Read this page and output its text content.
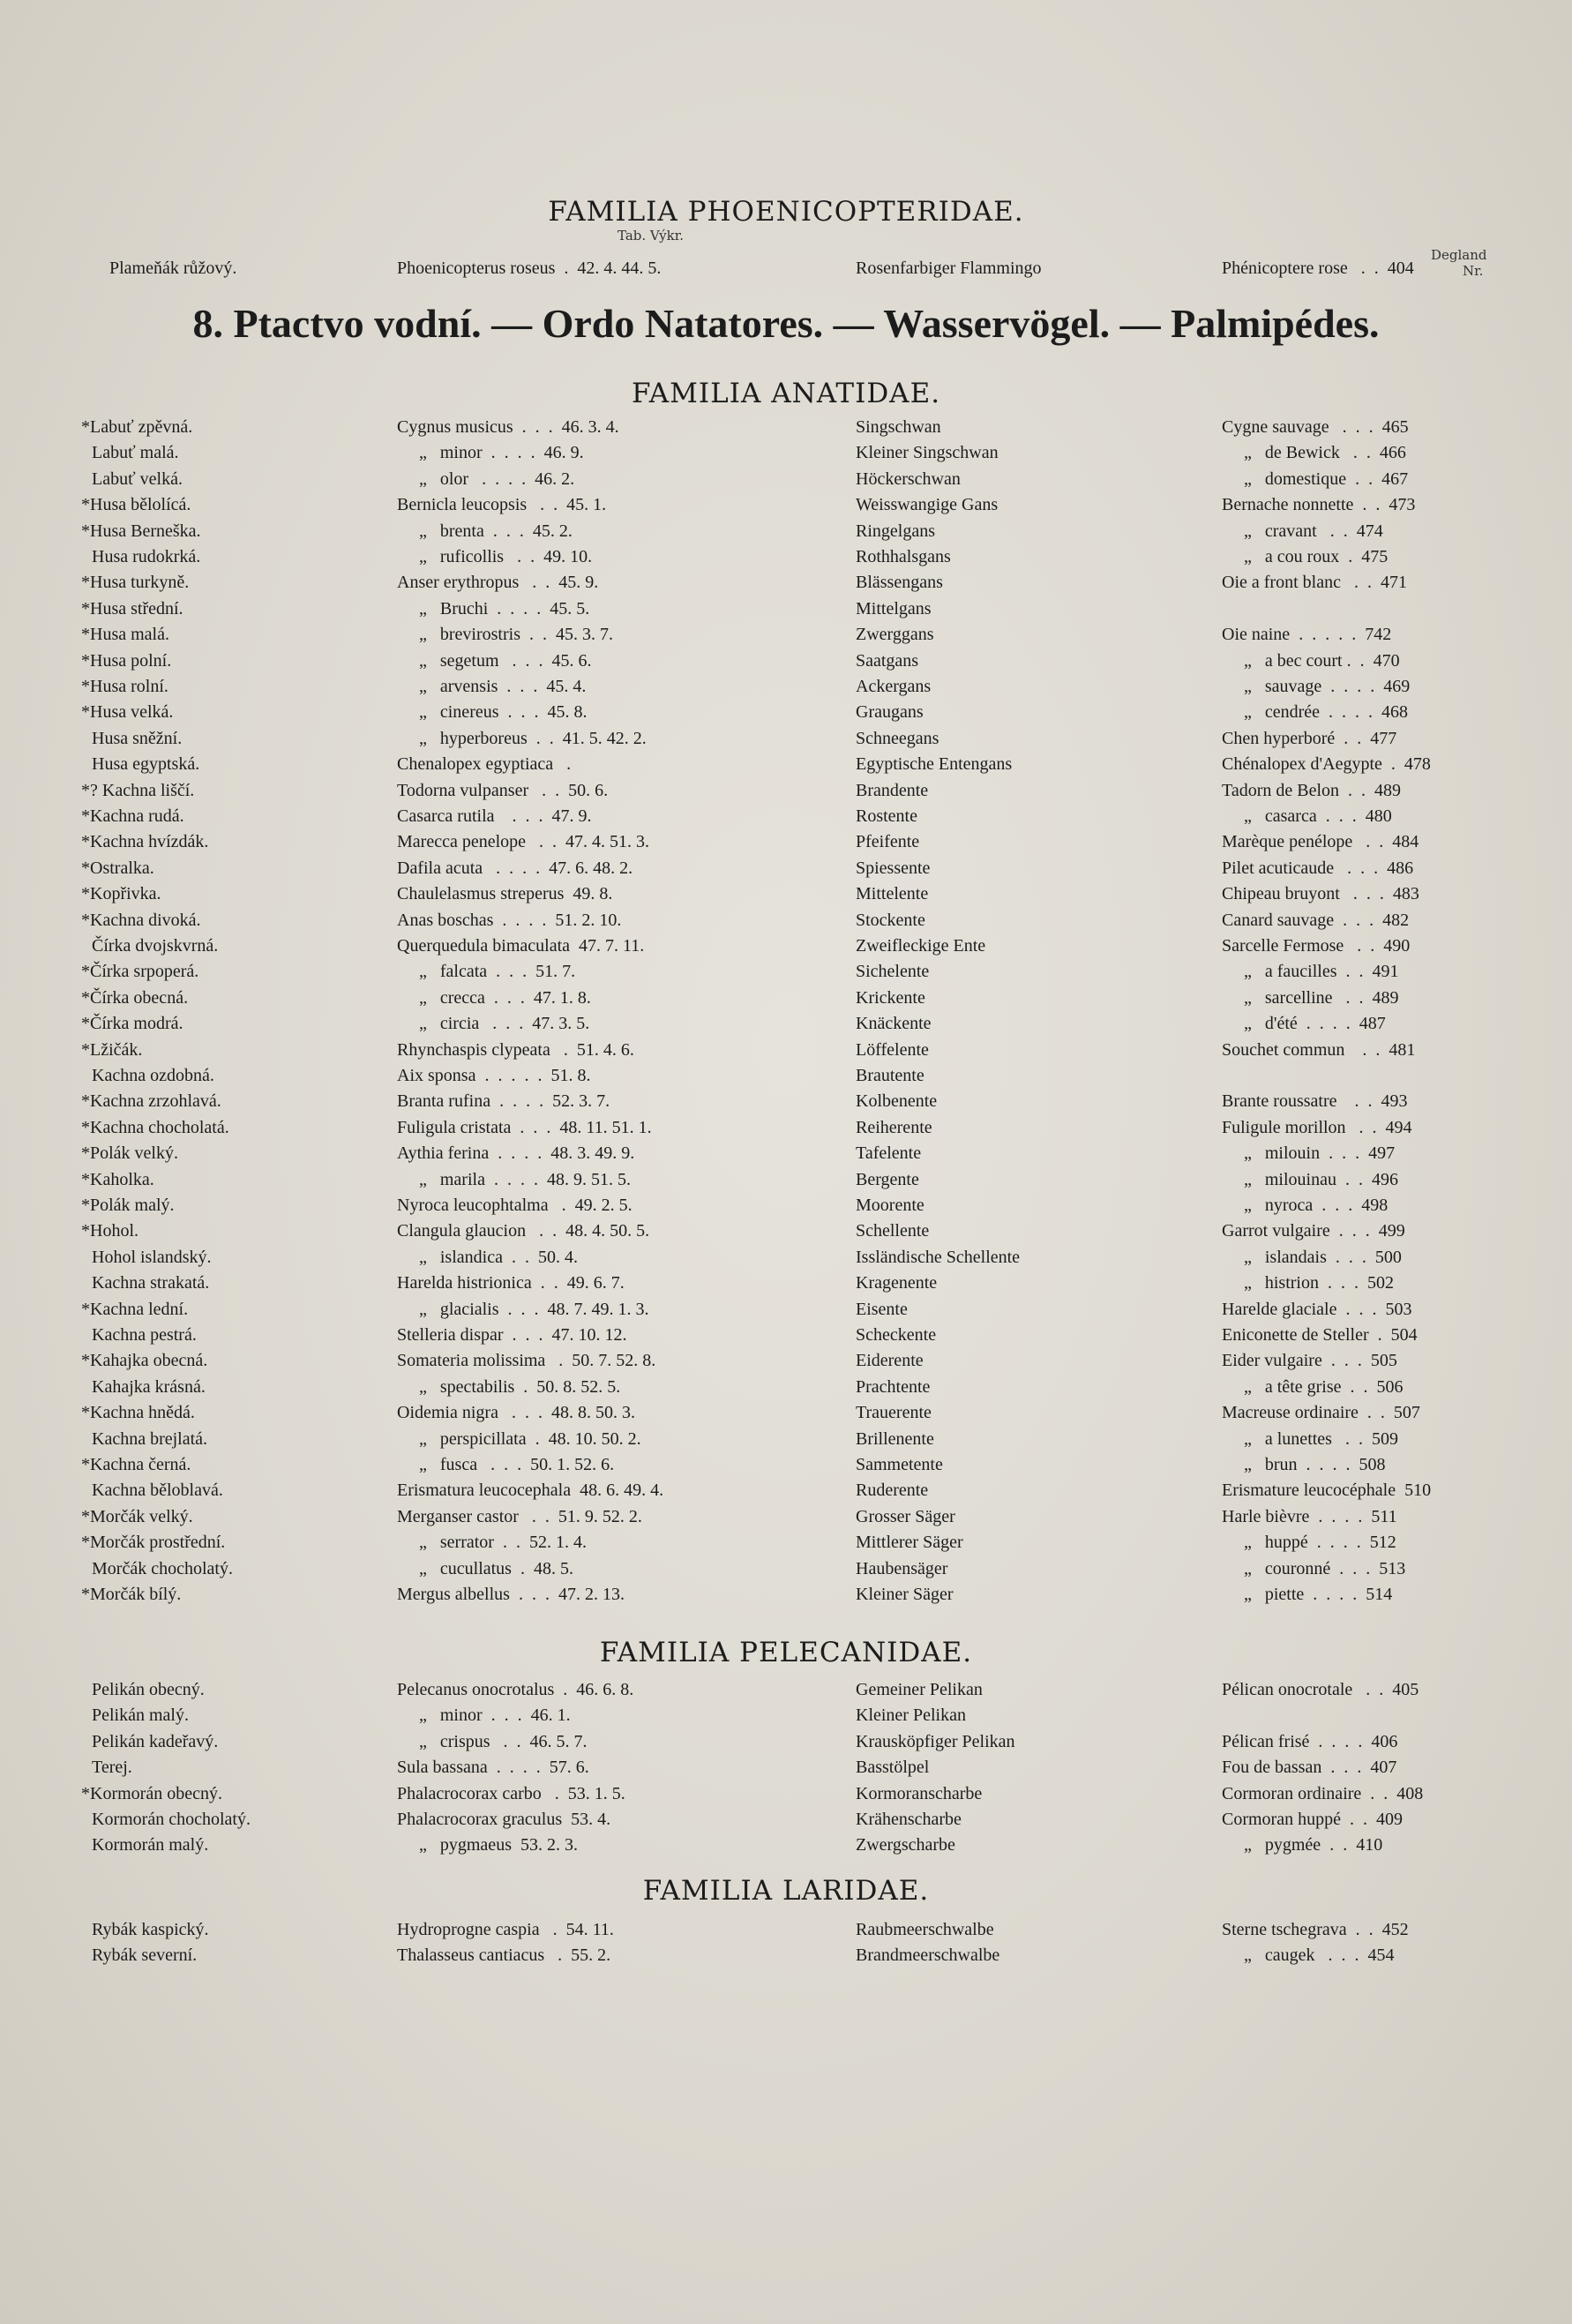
FAMILIA PHOENICOPTERIDAE.
Tab. Výkr.
Degland
Nr.
Plameňák růžový.	Phoenicopterus roseus  .  42. 4. 44. 5.	Rosenfarbiger Flammingo	Phénicoptere rose   .  .  404
8. Ptactvo vodní. — Ordo Natatores. — Wasservögel. — Palmipédes.
FAMILIA ANATIDAE.
*Labuť zpěvná.	Cygnus musicus  .  .  .  46. 3. 4.	Singschwan	Cygne sauvage   .  .  .  465
Labuť malá.	„   minor  .  .  .  .  46. 9.	Kleiner Singschwan	„   de Bewick   .  .  466
Labuť velká.	„   olor   .  .  .  .  46. 2.	Höckerschwan	„   domestique  .  .  467
*Husa bělolícá.	Bernicla leucopsis   .  .  45. 1.	Weisswangige Gans	Bernache nonnette  .  .  473
*Husa Berneška.	„   brenta  .  .  .  45. 2.	Ringelgans	„   cravant   .  .  474
Husa rudokrká.	„   ruficollis   .  .  49. 10.	Rothhalsgans	„   a cou roux  .  475
*Husa turkyně.	Anser erythropus   .  .  45. 9.	Blässengans	Oie a front blanc   .  .  471
*Husa střední.	„   Bruchi  .  .  .  .  45. 5.	Mittelgans
*Husa malá.	„   brevirostris  .  .  45. 3. 7.	Zwerggans	Oie naine  .  .  .  .  .  742
*Husa polní.	„   segetum   .  .  .  45. 6.	Saatgans	„   a bec court .  .  470
*Husa rolní.	„   arvensis  .  .  .  45. 4.	Ackergans	„   sauvage  .  .  .  .  469
*Husa velká.	„   cinereus  .  .  .  45. 8.	Graugans	„   cendrée  .  .  .  .  468
Husa sněžní.	„   hyperboreus  .  .  41. 5. 42. 2.	Schneegans	Chen hyperboré  .  .  477
Husa egyptská.	Chenalopex egyptiaca   .	Egyptische Entengans	Chénalopex d'Aegypte  .  478
*? Kachna liščí.	Todorna vulpanser   .  .  50. 6.	Brandente	Tadorn de Belon  .  .  489
*Kachna rudá.	Casarca rutila    .  .  .  47. 9.	Rostente	„   casarca  .  .  .  480
*Kachna hvízdák.	Marecca penelope   .  .  47. 4. 51. 3.	Pfeifente	Marèque penélope   .  .  484
*Ostralka.	Dafila acuta   .  .  .  .  47. 6. 48. 2.	Spiessente	Pilet acuticaude   .  .  .  486
*Kopřivka.	Chaulelasmus streperus  49. 8.	Mittelente	Chipeau bruyont   .  .  .  483
*Kachna divoká.	Anas boschas  .  .  .  .  51. 2. 10.	Stockente	Canard sauvage  .  .  .  482
Čírka dvojskvrná.	Querquedula bimaculata  47. 7. 11.	Zweifleckige Ente	Sarcelle Fermose   .  .  490
*Čírka srpoperá.	„   falcata  .  .  .  51. 7.	Sichelente	„   a faucilles  .  .  491
*Čírka obecná.	„   crecca  .  .  .  47. 1. 8.	Krickente	„   sarcelline   .  .  489
*Čírka modrá.	„   circia   .  .  .  47. 3. 5.	Knäckente	„   d'été  .  .  .  .  487
*Lžičák.	Rhynchaspis clypeata   .  51. 4. 6.	Löffelente	Souchet commun    .  .  481
Kachna ozdobná.	Aix sponsa  .  .  .  .  .  51. 8.	Brautente
*Kachna zrzohlavá.	Branta rufina  .  .  .  .  52. 3. 7.	Kolbenente	Brante roussatre    .  .  493
*Kachna chocholatá.	Fuligula cristata  .  .  .  48. 11. 51. 1.	Reiherente	Fuligule morillon   .  .  494
*Polák velký.	Aythia ferina  .  .  .  .  48. 3. 49. 9.	Tafelente	„   milouin  .  .  .  497
*Kaholka.	„   marila  .  .  .  .  48. 9. 51. 5.	Bergente	„   milouinau  .  .  496
*Polák malý.	Nyroca leucophtalma   .  49. 2. 5.	Moorente	„   nyroca  .  .  .  498
*Hohol.	Clangula glaucion   .  .  48. 4. 50. 5.	Schellente	Garrot vulgaire  .  .  .  499
Hohol islandský.	„   islandica  .  .  50. 4.	Issländische Schellente	„   islandais  .  .  .  500
Kachna strakatá.	Harelda histrionica  .  .  49. 6. 7.	Kragenente	„   histrion  .  .  .  502
*Kachna lední.	„   glacialis  .  .  .  48. 7. 49. 1. 3.	Eisente	Harelde glaciale  .  .  .  503
Kachna pestrá.	Stelleria dispar  .  .  .  47. 10. 12.	Scheckente	Eniconette de Steller  .  504
*Kahajka obecná.	Somateria molissima   .  50. 7. 52. 8.	Eiderente	Eider vulgaire  .  .  .  505
Kahajka krásná.	„   spectabilis  .  50. 8. 52. 5.	Prachtente	„   a tête grise  .  .  506
*Kachna hnědá.	Oidemia nigra   .  .  .  48. 8. 50. 3.	Trauerente	Macreuse ordinaire  .  .  507
Kachna brejlatá.	„   perspicillata  .  48. 10. 50. 2.	Brillenente	„   a lunettes   .  .  509
*Kachna černá.	„   fusca   .  .  .  50. 1. 52. 6.	Sammetente	„   brun  .  .  .  .  508
Kachna běloblavá.	Erismatura leucocephala  48. 6. 49. 4.	Ruderente	Erismature leucocéphale  510
*Morčák velký.	Merganser castor   .  .  51. 9. 52. 2.	Grosser Säger	Harle bièvre  .  .  .  .  511
*Morčák prostřední.	„   serrator  .  .  52. 1. 4.	Mittlerer Säger	„   huppé  .  .  .  .  512
Morčák chocholatý.	„   cucullatus  .  48. 5.	Haubensäger	„   couronné  .  .  .  513
*Morčák bílý.	Mergus albellus  .  .  .  47. 2. 13.	Kleiner Säger	„   piette  .  .  .  .  514
FAMILIA PELECANIDAE.
Pelikán obecný.	Pelecanus onocrotalus  .  46. 6. 8.	Gemeiner Pelikan	Pélican onocrotale   .  .  405
Pelikán malý.	„   minor  .  .  .  46. 1.	Kleiner Pelikan
Pelikán kadeřavý.	„   crispus   .  .  46. 5. 7.	Krausköpfiger Pelikan	Pélican frisé  .  .  .  .  406
Terej.	Sula bassana  .  .  .  .  57. 6.	Basstölpel	Fou de bassan  .  .  .  407
*Kormorán obecný.	Phalacrocorax carbo   .  53. 1. 5.	Kormoranscharbe	Cormoran ordinaire  .  .  408
Kormorán chocholatý.	Phalacrocorax graculus  53. 4.	Krähenscharbe	Cormoran huppé  .  .  409
Kormorán malý.	„   pygmaeus  53. 2. 3.	Zwergscharbe	„   pygmée  .  .  410
FAMILIA LARIDAE.
Rybák kaspický.	Hydroprogne caspia   .  54. 11.	Raubmeerschwalbe	Sterne tschegrava  .  .  452
Rybák severní.	Thalasseus cantiacus   .  55. 2.	Brandmeerschwalbe	„   caugek   .  .  .  454
